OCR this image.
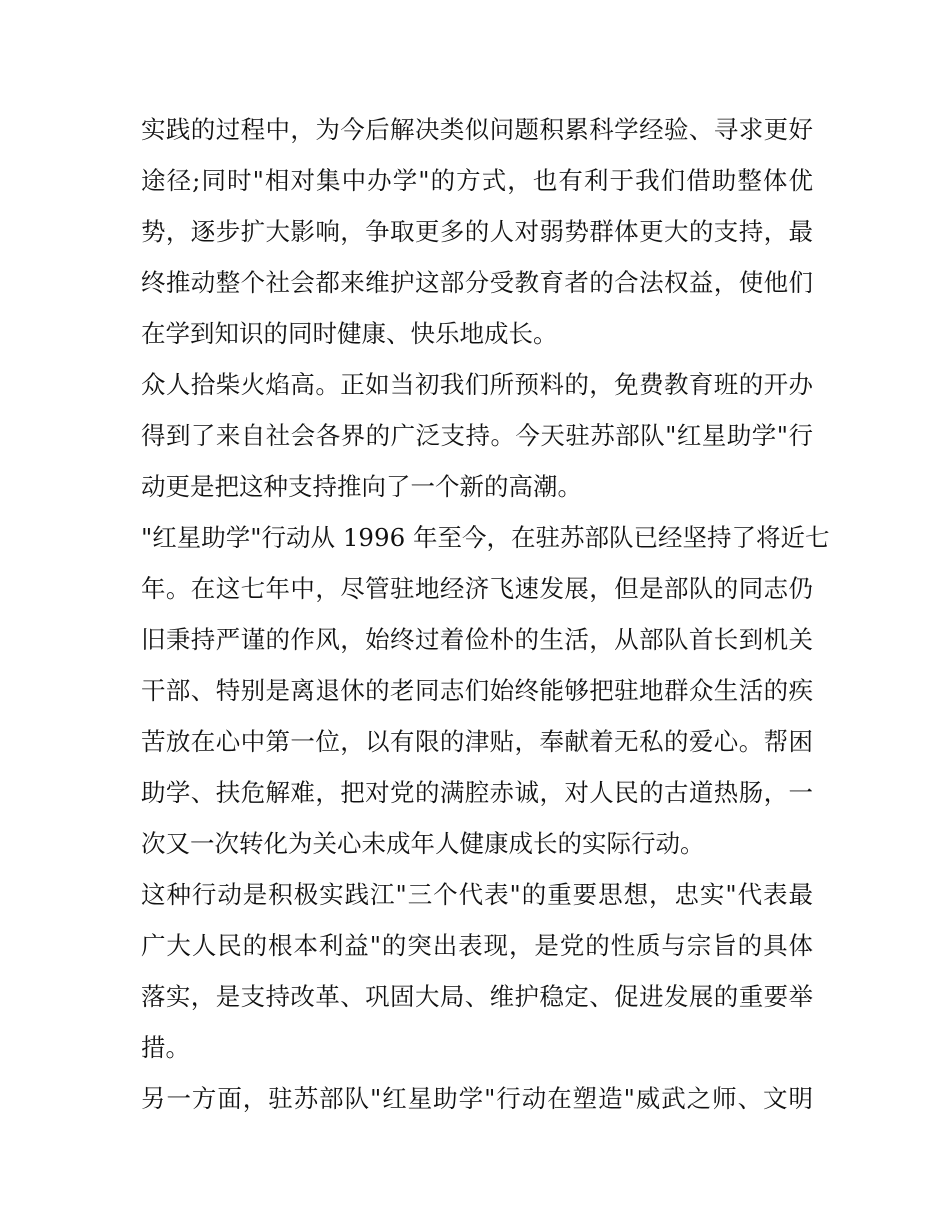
实践的过程中，为今后解决类似问题积累科学经验、寻求更好
途径;同时"相对集中办学"的方式，也有利于我们借助整体优
势，逐步扩大影响，争取更多的人对弱势群体更大的支持，最
终推动整个社会都来维护这部分受教育者的合法权益，使他们
在学到知识的同时健康、快乐地成长。
众人拾柴火焰高。正如当初我们所预料的，免费教育班的开办
得到了来自社会各界的广泛支持。今天驻苏部队"红星助学"行
动更是把这种支持推向了一个新的高潮。
"红星助学"行动从 1996 年至今，在驻苏部队已经坚持了将近七
年。在这七年中，尽管驻地经济飞速发展，但是部队的同志仍
旧秉持严谨的作风，始终过着俭朴的生活，从部队首长到机关
干部、特别是离退休的老同志们始终能够把驻地群众生活的疾
苦放在心中第一位，以有限的津贴，奉献着无私的爱心。帮困
助学、扶危解难，把对党的满腔赤诚，对人民的古道热肠，一
次又一次转化为关心未成年人健康成长的实际行动。
这种行动是积极实践江"三个代表"的重要思想，忠实"代表最
广大人民的根本利益"的突出表现，是党的性质与宗旨的具体
落实，是支持改革、巩固大局、维护稳定、促进发展的重要举
措。
另一方面，驻苏部队"红星助学"行动在塑造"威武之师、文明
